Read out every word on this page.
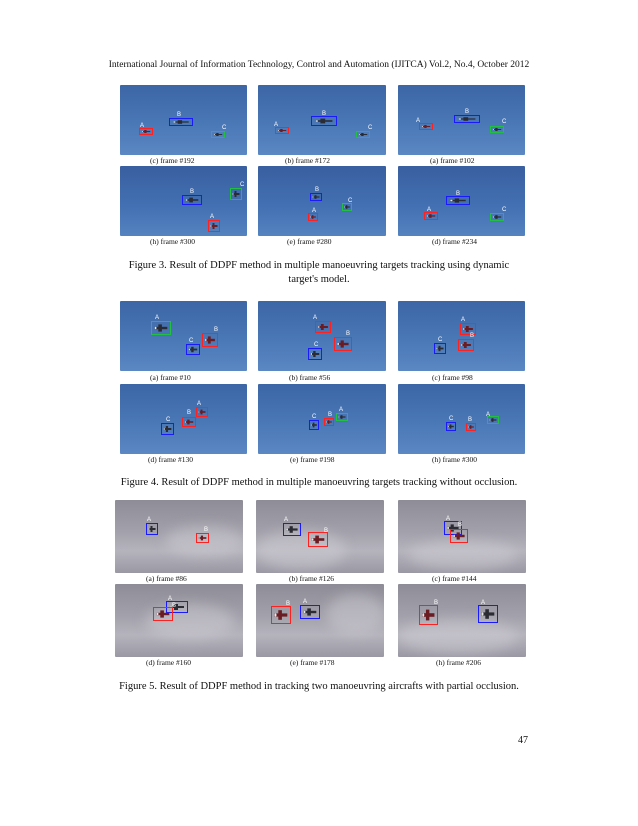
International Journal of Information Technology, Control and Automation (IJITCA) Vol.2, No.4, October 2012
B
A	C
B
A	C
B
A	C
(c) frame #192	(b) frame #172	(a) frame #102
C
B
A
B
C
A
B
A	C
(h) frame #300	(e) frame #280	(d) frame #234
Figure 3. Result of DDPF method in multiple manoeuvring targets tracking using dynamic target's model.
A
B
C
A
B
C
A
C
B
(a) frame #10	(b) frame #56	(c) frame #98
A
B
C
A
B
C	A
C B
(d) frame #130	(e) frame #198	(h) frame #300
Figure 4. Result of DDPF method in multiple manoeuvring targets tracking without occlusion.
A
B
A
B
A
B
(a) frame #86	(b) frame #126	(c) frame #144
A
B	B A	B	A
(d) frame #160	(e) frame #178	(h) frame #206
Figure 5. Result of DDPF method in tracking two manoeuvring aircrafts with partial occlusion.
47
